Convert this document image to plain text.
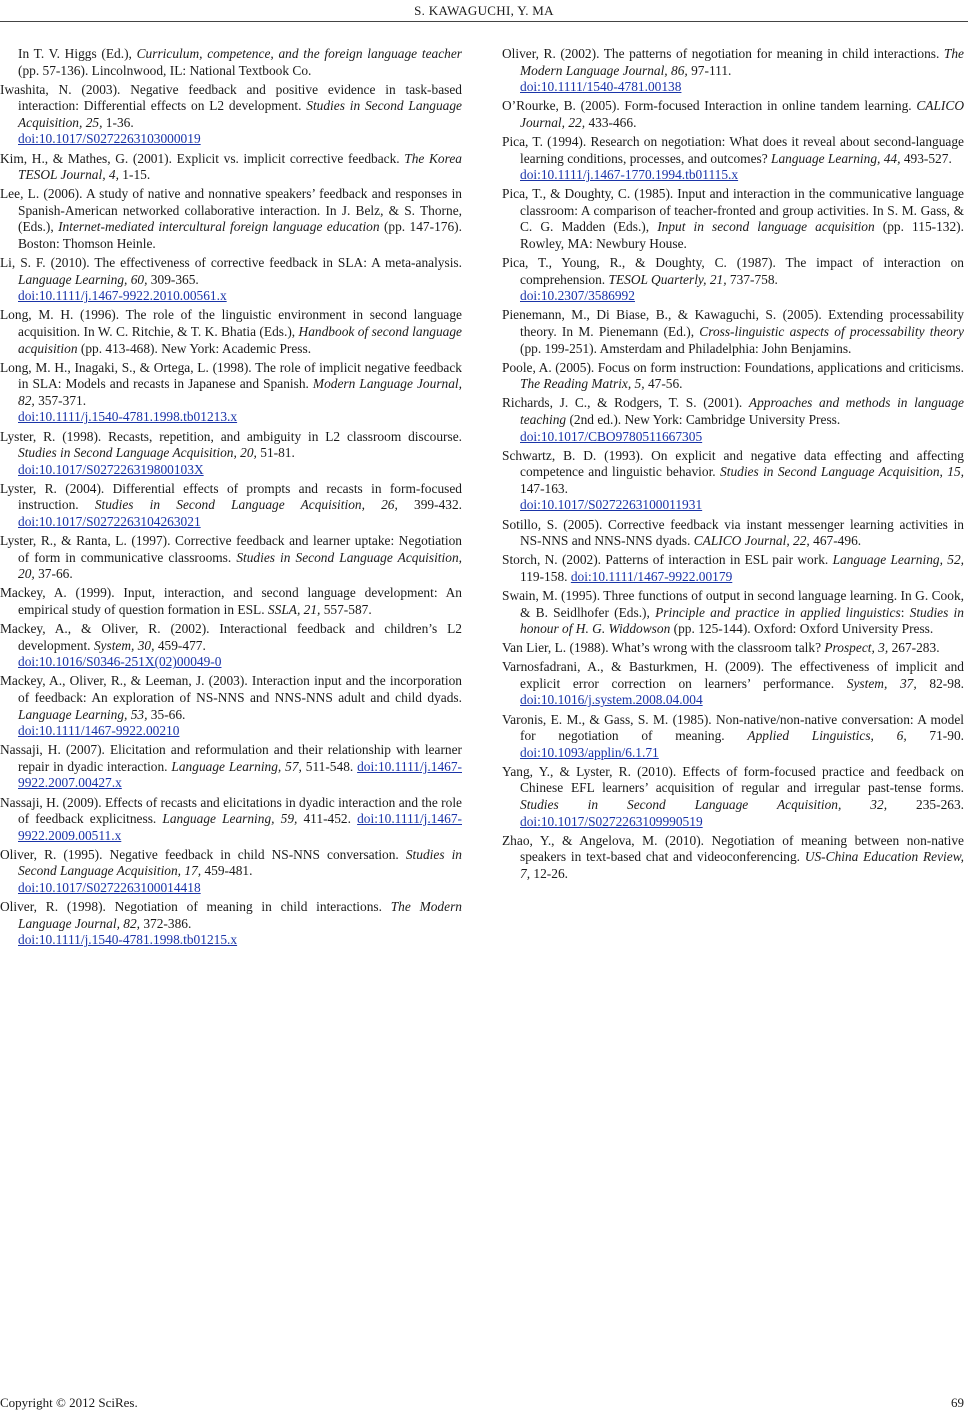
S. KAWAGUCHI, Y. MA
In T. V. Higgs (Ed.), Curriculum, competence, and the foreign language teacher (pp. 57-136). Lincolnwood, IL: National Textbook Co.
Iwashita, N. (2003). Negative feedback and positive evidence in task-based interaction: Differential effects on L2 development. Studies in Second Language Acquisition, 25, 1-36.
doi:10.1017/S0272263103000019
Kim, H., & Mathes, G. (2001). Explicit vs. implicit corrective feedback. The Korea TESOL Journal, 4, 1-15.
Lee, L. (2006). A study of native and nonnative speakers’ feedback and responses in Spanish-American networked collaborative interaction. In J. Belz, & S. Thorne, (Eds.), Internet-mediated intercultural foreign language education (pp. 147-176). Boston: Thomson Heinle.
Li, S. F. (2010). The effectiveness of corrective feedback in SLA: A meta-analysis. Language Learning, 60, 309-365.
doi:10.1111/j.1467-9922.2010.00561.x
Long, M. H. (1996). The role of the linguistic environment in second language acquisition. In W. C. Ritchie, & T. K. Bhatia (Eds.), Handbook of second language acquisition (pp. 413-468). New York: Academic Press.
Long, M. H., Inagaki, S., & Ortega, L. (1998). The role of implicit negative feedback in SLA: Models and recasts in Japanese and Spanish. Modern Language Journal, 82, 357-371.
doi:10.1111/j.1540-4781.1998.tb01213.x
Lyster, R. (1998). Recasts, repetition, and ambiguity in L2 classroom discourse. Studies in Second Language Acquisition, 20, 51-81.
doi:10.1017/S027226319800103X
Lyster, R. (2004). Differential effects of prompts and recasts in form-focused instruction. Studies in Second Language Acquisition, 26, 399-432. doi:10.1017/S0272263104263021
Lyster, R., & Ranta, L. (1997). Corrective feedback and learner uptake: Negotiation of form in communicative classrooms. Studies in Second Language Acquisition, 20, 37-66.
Mackey, A. (1999). Input, interaction, and second language development: An empirical study of question formation in ESL. SSLA, 21, 557-587.
Mackey, A., & Oliver, R. (2002). Interactional feedback and children’s L2 development. System, 30, 459-477.
doi:10.1016/S0346-251X(02)00049-0
Mackey, A., Oliver, R., & Leeman, J. (2003). Interaction input and the incorporation of feedback: An exploration of NS-NNS and NNS-NNS adult and child dyads. Language Learning, 53, 35-66.
doi:10.1111/1467-9922.00210
Nassaji, H. (2007). Elicitation and reformulation and their relationship with learner repair in dyadic interaction. Language Learning, 57, 511-548. doi:10.1111/j.1467-9922.2007.00427.x
Nassaji, H. (2009). Effects of recasts and elicitations in dyadic interaction and the role of feedback explicitness. Language Learning, 59, 411-452. doi:10.1111/j.1467-9922.2009.00511.x
Oliver, R. (1995). Negative feedback in child NS-NNS conversation. Studies in Second Language Acquisition, 17, 459-481.
doi:10.1017/S0272263100014418
Oliver, R. (1998). Negotiation of meaning in child interactions. The Modern Language Journal, 82, 372-386.
doi:10.1111/j.1540-4781.1998.tb01215.x
Oliver, R. (2002). The patterns of negotiation for meaning in child interactions. The Modern Language Journal, 86, 97-111.
doi:10.1111/1540-4781.00138
O’Rourke, B. (2005). Form-focused Interaction in online tandem learning. CALICO Journal, 22, 433-466.
Pica, T. (1994). Research on negotiation: What does it reveal about second-language learning conditions, processes, and outcomes? Language Learning, 44, 493-527.
doi:10.1111/j.1467-1770.1994.tb01115.x
Pica, T., & Doughty, C. (1985). Input and interaction in the communicative language classroom: A comparison of teacher-fronted and group activities. In S. M. Gass, & C. G. Madden (Eds.), Input in second language acquisition (pp. 115-132). Rowley, MA: Newbury House.
Pica, T., Young, R., & Doughty, C. (1987). The impact of interaction on comprehension. TESOL Quarterly, 21, 737-758.
doi:10.2307/3586992
Pienemann, M., Di Biase, B., & Kawaguchi, S. (2005). Extending processability theory. In M. Pienemann (Ed.), Cross-linguistic aspects of processability theory (pp. 199-251). Amsterdam and Philadelphia: John Benjamins.
Poole, A. (2005). Focus on form instruction: Foundations, applications and criticisms. The Reading Matrix, 5, 47-56.
Richards, J. C., & Rodgers, T. S. (2001). Approaches and methods in language teaching (2nd ed.). New York: Cambridge University Press.
doi:10.1017/CBO9780511667305
Schwartz, B. D. (1993). On explicit and negative data effecting and affecting competence and linguistic behavior. Studies in Second Language Acquisition, 15, 147-163.
doi:10.1017/S0272263100011931
Sotillo, S. (2005). Corrective feedback via instant messenger learning activities in NS-NNS and NNS-NNS dyads. CALICO Journal, 22, 467-496.
Storch, N. (2002). Patterns of interaction in ESL pair work. Language Learning, 52, 119-158. doi:10.1111/1467-9922.00179
Swain, M. (1995). Three functions of output in second language learning. In G. Cook, & B. Seidlhofer (Eds.), Principle and practice in applied linguistics: Studies in honour of H. G. Widdowson (pp. 125-144). Oxford: Oxford University Press.
Van Lier, L. (1988). What’s wrong with the classroom talk? Prospect, 3, 267-283.
Varnosfadrani, A., & Basturkmen, H. (2009). The effectiveness of implicit and explicit error correction on learners’ performance. System, 37, 82-98. doi:10.1016/j.system.2008.04.004
Varonis, E. M., & Gass, S. M. (1985). Non-native/non-native conversation: A model for negotiation of meaning. Applied Linguistics, 6, 71-90. doi:10.1093/applin/6.1.71
Yang, Y., & Lyster, R. (2010). Effects of form-focused practice and feedback on Chinese EFL learners’ acquisition of regular and irregular past-tense forms. Studies in Second Language Acquisition, 32, 235-263. doi:10.1017/S0272263109990519
Zhao, Y., & Angelova, M. (2010). Negotiation of meaning between non-native speakers in text-based chat and videoconferencing. US-China Education Review, 7, 12-26.
Copyright © 2012 SciRes.	69
